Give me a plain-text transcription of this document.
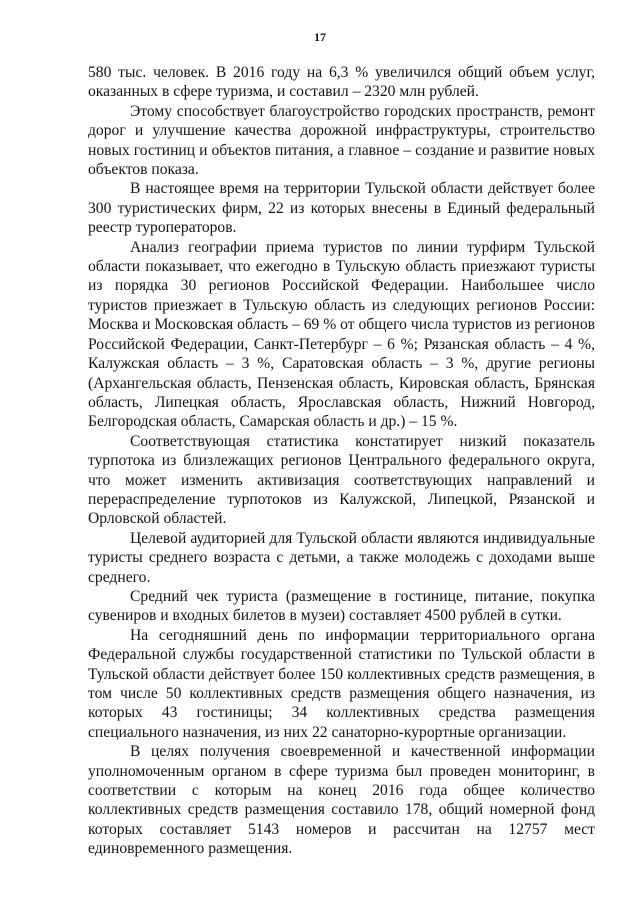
17

580 тыс. человек. В 2016 году на 6,3 % увеличился общий объем услуг, оказанных в сфере туризма, и составил – 2320 млн рублей.

Этому способствует благоустройство городских пространств, ремонт дорог и улучшение качества дорожной инфраструктуры, строительство новых гостиниц и объектов питания, а главное – создание и развитие новых объектов показа.

В настоящее время на территории Тульской области действует более 300 туристических фирм, 22 из которых внесены в Единый федеральный реестр туроператоров.

Анализ географии приема туристов по линии турфирм Тульской области показывает, что ежегодно в Тульскую область приезжают туристы из порядка 30 регионов Российской Федерации. Наибольшее число туристов приезжает в Тульскую область из следующих регионов России: Москва и Московская область – 69 % от общего числа туристов из регионов Российской Федерации, Санкт-Петербург – 6 %; Рязанская область – 4 %, Калужская область – 3 %, Саратовская область – 3 %, другие регионы (Архангельская область, Пензенская область, Кировская область, Брянская область, Липецкая область, Ярославская область, Нижний Новгород, Белгородская область, Самарская область и др.) – 15 %.

Соответствующая статистика констатирует низкий показатель турпотока из близлежащих регионов Центрального федерального округа, что может изменить активизация соответствующих направлений и перераспределение турпотоков из Калужской, Липецкой, Рязанской и Орловской областей.

Целевой аудиторией для Тульской области являются индивидуальные туристы среднего возраста с детьми, а также молодежь с доходами выше среднего.

Средний чек туриста (размещение в гостинице, питание, покупка сувениров и входных билетов в музеи) составляет 4500 рублей в сутки.

На сегодняшний день по информации территориального органа Федеральной службы государственной статистики по Тульской области в Тульской области действует более 150 коллективных средств размещения, в том числе 50 коллективных средств размещения общего назначения, из которых 43 гостиницы; 34 коллективных средства размещения специального назначения, из них 22 санаторно-курортные организации.

В целях получения своевременной и качественной информации уполномоченным органом в сфере туризма был проведен мониторинг, в соответствии с которым на конец 2016 года общее количество коллективных средств размещения составило 178, общий номерной фонд которых составляет 5143 номеров и рассчитан на 12757 мест единовременного размещения.
